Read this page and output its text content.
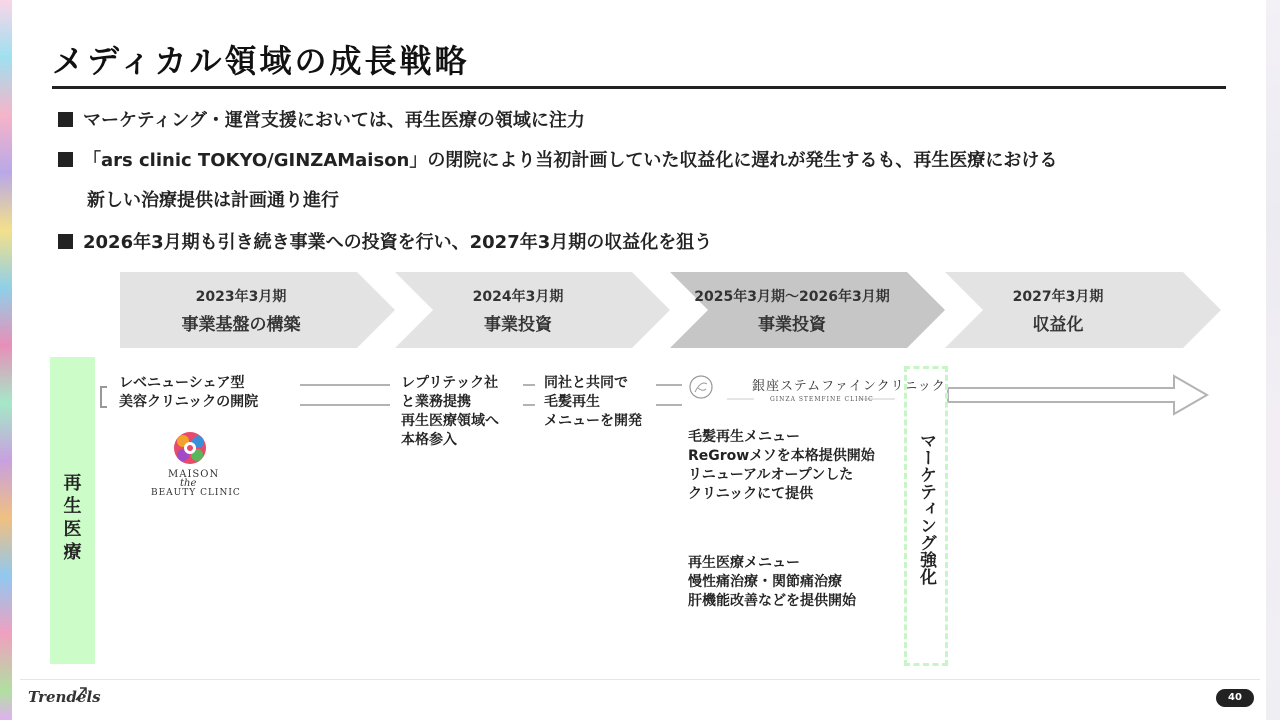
メディカル領域の成長戦略
マーケティング・運営支援においては、再生医療の領域に注力
「ars clinic TOKYO/GINZAMaison」の閉院により当初計画していた収益化に遅れが発生するも、再生医療における
新しい治療提供は計画通り進行
2026年3月期も引き続き事業への投資を行い、2027年3月期の収益化を狙う
2023年3月期
事業基盤の構築
2024年3月期
事業投資
2025年3月期～2026年3月期
事業投資
2027年3月期
収益化
再生医療
レベニューシェア型
美容クリニックの開院
レプリテック社
と業務提携
再生医療領域へ
本格参入
同社と共同で
毛髪再生
メニューを開発
毛髪再生メニュー
ReGrowメソを本格提供開始
リニューアルオープンした
クリニックにて提供
再生医療メニュー
慢性痛治療・関節痛治療
肝機能改善などを提供開始
銀座ステムファインクリニック
GINZA STEMFINE CLINIC
MAISON
the
BEAUTY CLINIC	マーケティング強化
Trendels	40
